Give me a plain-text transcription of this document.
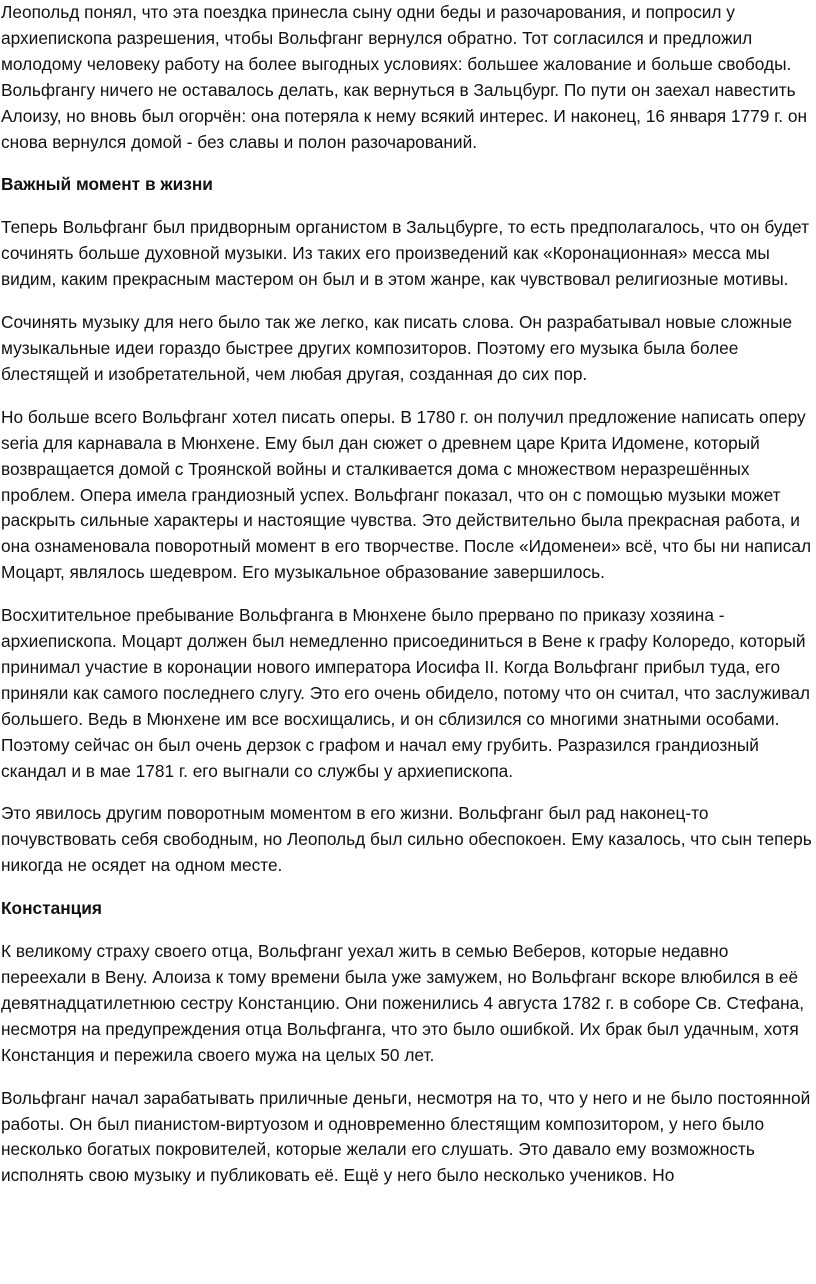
Леопольд понял, что эта поездка принесла сыну одни беды и разочарования, и попросил у архиепископа разрешения, чтобы Вольфганг вернулся обратно. Тот согласился и предложил молодому человеку работу на более выгодных условиях: большее жалование и больше свободы. Вольфгангу ничего не оставалось делать, как вернуться в Зальцбург. По пути он заехал навестить Алоизу, но вновь был огорчён: она потеряла к нему всякий интерес. И наконец, 16 января 1779 г. он снова вернулся домой - без славы и полон разочарований.

Важный момент в жизни

Теперь Вольфганг был придворным органистом в Зальцбурге, то есть предполагалось, что он будет сочинять больше духовной музыки. Из таких его произведений как «Коронационная» месса мы видим, каким прекрасным мастером он был и в этом жанре, как чувствовал религиозные мотивы.

Сочинять музыку для него было так же легко, как писать слова. Он разрабатывал новые сложные музыкальные идеи гораздо быстрее других композиторов. Поэтому его музыка была более блестящей и изобретательной, чем любая другая, созданная до сих пор.

Но больше всего Вольфганг хотел писать оперы. В 1780 г. он получил предложение написать оперу seria для карнавала в Мюнхене. Ему был дан сюжет о древнем царе Крита Идомене, который возвращается домой с Троянской войны и сталкивается дома с множеством неразрешённых проблем. Опера имела грандиозный успех. Вольфганг показал, что он с помощью музыки может раскрыть сильные характеры и настоящие чувства. Это действительно была прекрасная работа, и она ознаменовала поворотный момент в его творчестве. После «Идоменеи» всё, что бы ни написал Моцарт, являлось шедевром. Его музыкальное образование завершилось.

Восхитительное пребывание Вольфганга в Мюнхене было прервано по приказу хозяина - архиепископа. Моцарт должен был немедленно присоединиться в Вене к графу Колоредо, который принимал участие в коронации нового императора Иосифа II. Когда Вольфганг прибыл туда, его приняли как самого последнего слугу. Это его очень обидело, потому что он считал, что заслуживал большего. Ведь в Мюнхене им все восхищались, и он сблизился со многими знатными особами. Поэтому сейчас он был очень дерзок с графом и начал ему грубить. Разразился грандиозный скандал и в мае 1781 г. его выгнали со службы у архиепископа.

Это явилось другим поворотным моментом в его жизни. Вольфганг был рад наконец-то почувствовать себя свободным, но Леопольд был сильно обеспокоен. Ему казалось, что сын теперь никогда не осядет на одном месте.

Констанция

К великому страху своего отца, Вольфганг уехал жить в семью Веберов, которые недавно переехали в Вену. Алоиза к тому времени была уже замужем, но Вольфганг вскоре влюбился в её девятнадцатилетнюю сестру Констанцию. Они поженились 4 августа 1782 г. в соборе Св. Стефана, несмотря на предупреждения отца Вольфганга, что это было ошибкой. Их брак был удачным, хотя Констанция и пережила своего мужа на целых 50 лет.

Вольфганг начал зарабатывать приличные деньги, несмотря на то, что у него и не было постоянной работы. Он был пианистом-виртуозом и одновременно блестящим композитором, у него было несколько богатых покровителей, которые желали его слушать. Это давало ему возможность исполнять свою музыку и публиковать её. Ещё у него было несколько учеников. Но
